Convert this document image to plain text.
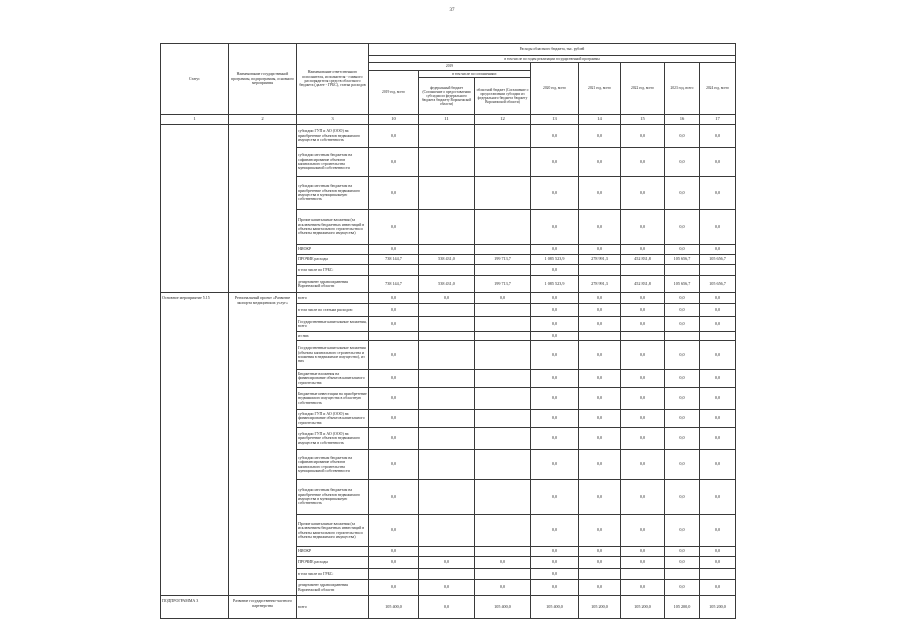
37
Статус	Наименование государственной программы, подпрограммы, основного мероприятия	Наименование ответственного исполнителя, исполнителя - главного распорядителя средств областного бюджета (далее - ГРБС), статьи расходов	Расходы областного бюджета, тыс. рублей							
			в том числе по годам реализации государственной программы							
			2019			2020 год, всего	2021 год, всего	2022 год, всего	2023 год, всего	2024 год, всего
			2019 год, всего	в том числе по соглашениям:						
				федеральный бюджет (Соглашение о предоставлении субсидии из федерального бюджета бюджету Воронежской области)	областной бюджет (Соглашение о предоставлении субсидии из федерального бюджета бюджету Воронежской области)					
1	2	3	10	11	12	13	14	15	16	17
		субсидии ГУП и АО (ООО) на приобретение объектов недвижимого имущества в собственность	0,0			0,0	0,0	0,0	0,0	0,0
		субсидии местным бюджетам на софинансирование объектов капитального строительства муниципальной собственности	0,0			0,0	0,0	0,0	0,0	0,0
		субсидии местным бюджетам на приобретение объектов недвижимого имущества в муниципальную собственность	0,0			0,0	0,0	0,0	0,0	0,0
		Прочие капитальные вложения (за исключением бюджетных инвестиций в объекты капитального строительства и объекты недвижимого имущества)	0,0			0,0	0,0	0,0	0,0	0,0
		НИОКР	0,0			0,0	0,0	0,0	0,0	0,0
		ПРОЧИЕ расходы	738 144,7	538 431,0	199 713,7	1 085 523,9	278 991,3	452 831,8	105 656,7	105 656,7
		в том числе по ГРБС:				0,0				
		департамент здравоохранения Воронежской области	738 144,7	538 431,0	199 713,7	1 085 523,9	278 991,3	452 831,8	105 656,7	105 656,7
Основное мероприятие 5.15	Региональный проект «Развитие экспорта медицинских услуг»	всего	0,0	0,0	0,0	0,0	0,0	0,0	0,0	0,0
		в том числе по статьям расходов:	0,0			0,0	0,0	0,0	0,0	0,0
		Государственные капитальные вложения, всего	0,0			0,0	0,0	0,0	0,0	0,0
		из них				0,0				
		Государственные капитальные вложения (объекты капитального строительства и вложения в недвижимое имущество), из них	0,0			0,0	0,0	0,0	0,0	0,0
		Бюджетные вложения на финансирование объектов капитального строительства	0,0			0,0	0,0	0,0	0,0	0,0
		Бюджетные инвестиции на приобретение недвижимого имущества в областную собственность	0,0			0,0	0,0	0,0	0,0	0,0
		субсидии ГУП и АО (ООО) на финансирование объектов капитального строительства	0,0			0,0	0,0	0,0	0,0	0,0
		субсидии ГУП и АО (ООО) на приобретение объектов недвижимого имущества в собственность	0,0			0,0	0,0	0,0	0,0	0,0
		субсидии местным бюджетам на софинансирование объектов капитального строительства муниципальной собственности	0,0			0,0	0,0	0,0	0,0	0,0
		субсидии местным бюджетам на приобретение объектов недвижимого имущества в муниципальную собственность	0,0			0,0	0,0	0,0	0,0	0,0
		Прочие капитальные вложения (за исключением бюджетных инвестиций в объекты капитального строительства и объекты недвижимого имущества)	0,0			0,0	0,0	0,0	0,0	0,0
		НИОКР	0,0			0,0	0,0	0,0	0,0	0,0
		ПРОЧИЕ расходы	0,0	0,0	0,0	0,0	0,0	0,0	0,0	0,0
		в том числе по ГРБС:				0,0				
		департамент здравоохранения Воронежской области	0,0	0,0	0,0	0,0	0,0	0,0	0,0	0,0
ПОДПРОГРАММА 3	Развитие государственно-частного партнерства	всего	105 400,0	0,0	105 400,0	105 400,0	105 200,0	105 200,0	105 200,0	105 200,0
